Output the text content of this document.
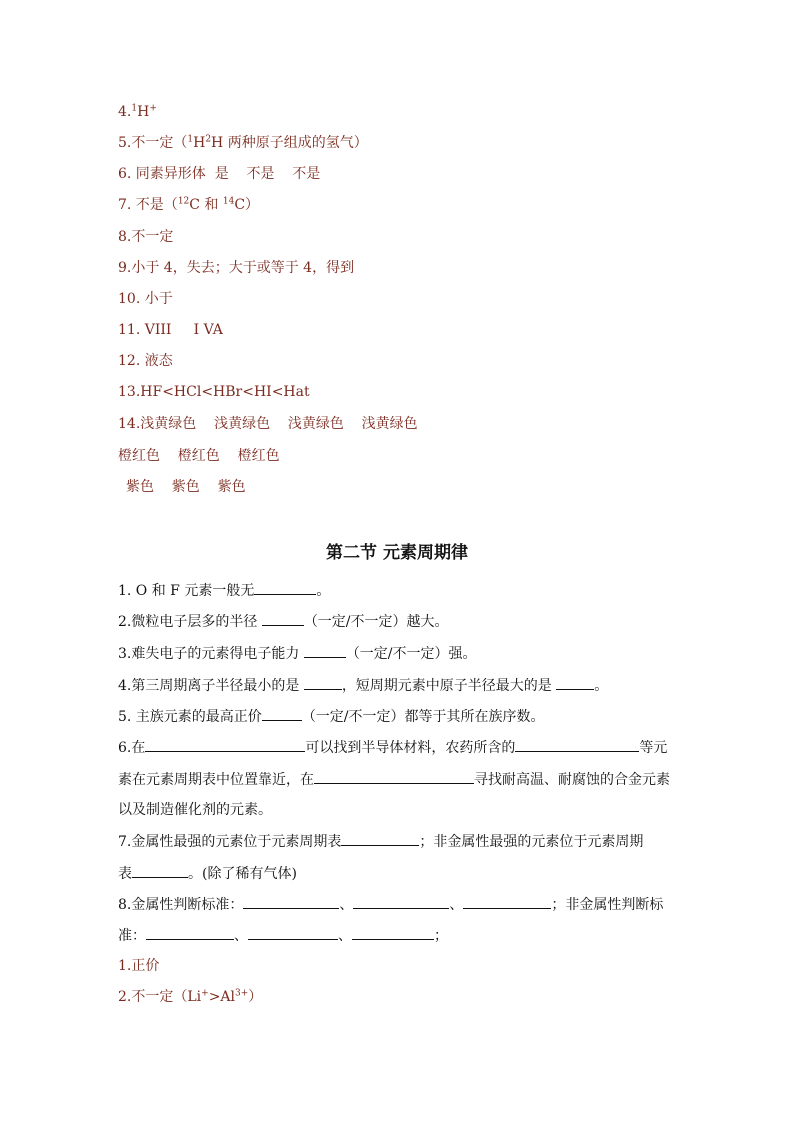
4.$^1$H+

5.不一定（$^1H^2H$ 两种原子组成的氢气）

6. 同素异形体  是    不是    不是

7. 不是（$^{12}$C 和 $^{14}$C）

8.不一定

9.小于 4，失去；大于或等于 4，得到

10. 小于

11. VIII     I VA

12. 液态

13.HF<HCl<HBr<HI<Hat

14.浅黄绿色    浅黄绿色    浅黄绿色    浅黄绿色

橙红色    橙红色    橙红色

紫色    紫色    紫色

第二节 元素周期律

1. O 和 F 元素一般无	。

2.微粒电子层多的半径	（一定/不一定）越大。

3.难失电子的元素得电子能力	（一定/不一定）强。

4.第三周期离子半径最小的是	，短周期元素中原子半径最大的是	。

5. 主族元素的最高正价	（一定/不一定）都等于其所在族序数。

6.在	可以找到半导体材料，农药所含的	等元

素在元素周期表中位置靠近，在	寻找耐高温、耐腐蚀的合金元素

以及制造催化剂的元素。

7.金属性最强的元素位于元素周期表	；非金属性最强的元素位于元素周期

表	。(除了稀有气体)

8.金属性判断标准：	、	、	；非金属性判断标

准：	、	、	；

1.正价

2.不一定$(Li^+>Al^{3+})$
